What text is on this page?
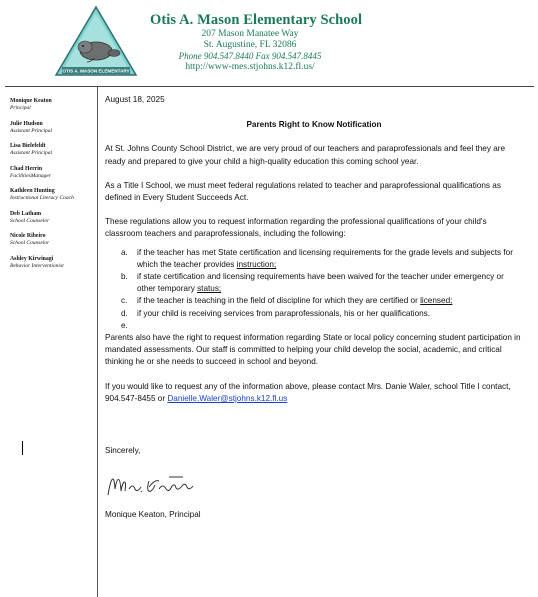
OTIS A. MASON ELEMENTARY
Otis A. Mason Elementary School
207 Mason Manatee Way
St. Augustine, FL 32086
Phone 904.547.8440 Fax 904.547.8445
http://www-mes.stjohns.k12.fl.us/
Monique Keaton
Principal
Julie Hudson
Assistant Principal
Lisa Bielefeldt
Assistant Principal
Chad Herrin
FacilitiesManager
Kathleen Hunting
Instructional Literacy Coach
Deb Latham
School Counselor
Nicole Ribeiro
School Counselor
Ashley Kirwinagi
Behavior Interventionist
August 18, 2025
Parents Right to Know Notification

At St. Johns County School District, we are very proud of our teachers and paraprofessionals and feel they are ready and prepared to give your child a high-quality education this coming school year.

As a Title I School, we must meet federal regulations related to teacher and paraprofessional qualifications as defined in Every Student Succeeds Act.

These regulations allow you to request information regarding the professional qualifications of your child's classroom teachers and paraprofessionals, including the following:

a. if the teacher has met State certification and licensing requirements for the grade levels and subjects for which the teacher provides instruction;
b. if state certification and licensing requirements have been waived for the teacher under emergency or other temporary status;
c. if the teacher is teaching in the field of discipline for which they are certified or licensed;
d. if your child is receiving services from paraprofessionals, his or her qualifications.
e.

Parents also have the right to request information regarding State or local policy concerning student participation in mandated assessments. Our staff is committed to helping your child develop the social, academic, and critical thinking he or she needs to succeed in school and beyond.

If you would like to request any of the information above, please contact Mrs. Danie Waler, school Title I contact, 904.547-8455 or Danielle.Waler@stjohns.k12.fl.us

Sincerely,
Mrs. Keaton
Monique Keaton, Principal
